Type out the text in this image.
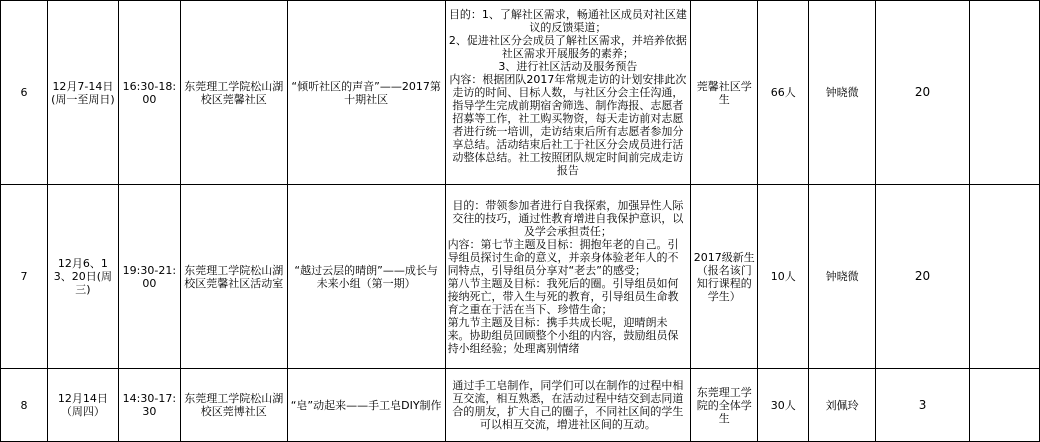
6	12月7-14日(周一至周日)	16:30-18:00	东莞理工学院松山湖校区莞馨社区	“倾听社区的声音”——2017第十期社区	目的：1、了解社区需求，畅通社区成员对社区建议的反馈渠道；
2、促进社区分会成员了解社区需求，并培养依据社区需求开展服务的素养；
3、进行社区活动及服务预告
内容：根据团队2017年常规走访的计划安排此次走访的时间、目标人数，与社区分会主任沟通，指导学生完成前期宿舍筛选、制作海报、志愿者招募等工作，社工购买物资，每天走访前对志愿者进行统一培训，走访结束后所有志愿者参加分享总结。活动结束后社工于社区分会成员进行活动整体总结。社工按照团队规定时间前完成走访报告	莞馨社区学生	66人	钟晓微	20	
7	12月6、13、20日(周三)	19:30-21:00	东莞理工学院松山湖校区莞馨社区活动室	“越过云层的晴朗”——成长与未来小组（第一期）	目的：带领参加者进行自我探索，加强异性人际交往的技巧，通过性教育增进自我保护意识，以及学会承担责任；
内容：第七节主题及目标：拥抱年老的自己。引导组员探讨生命的意义，并亲身体验老年人的不同特点，引导组员分享对“老去”的感受；
第八节主题及目标：我死后的圈。引导组员如何接纳死亡，带入生与死的教育，引导组员生命教育之重在于活在当下、珍惜生命；
第九节主题及目标：携手共成长呢，迎晴朗未来。协助组员回顾整个小组的内容，鼓励组员保持小组经验；处理离别情绪	2017级新生（报名该门知行课程的学生）	10人	钟晓微	20	
8	12月14日（周四）	14:30-17:30	东莞理工学院松山湖校区莞博社区	“皂”动起来——手工皂DIY制作	通过手工皂制作，同学们可以在制作的过程中相互交流，相互熟悉，在活动过程中结交到志同道合的朋友，扩大自己的圈子，不同社区间的学生可以相互交流，增进社区间的互动。	东莞理工学院的全体学生	30人	刘佩玲	3	
